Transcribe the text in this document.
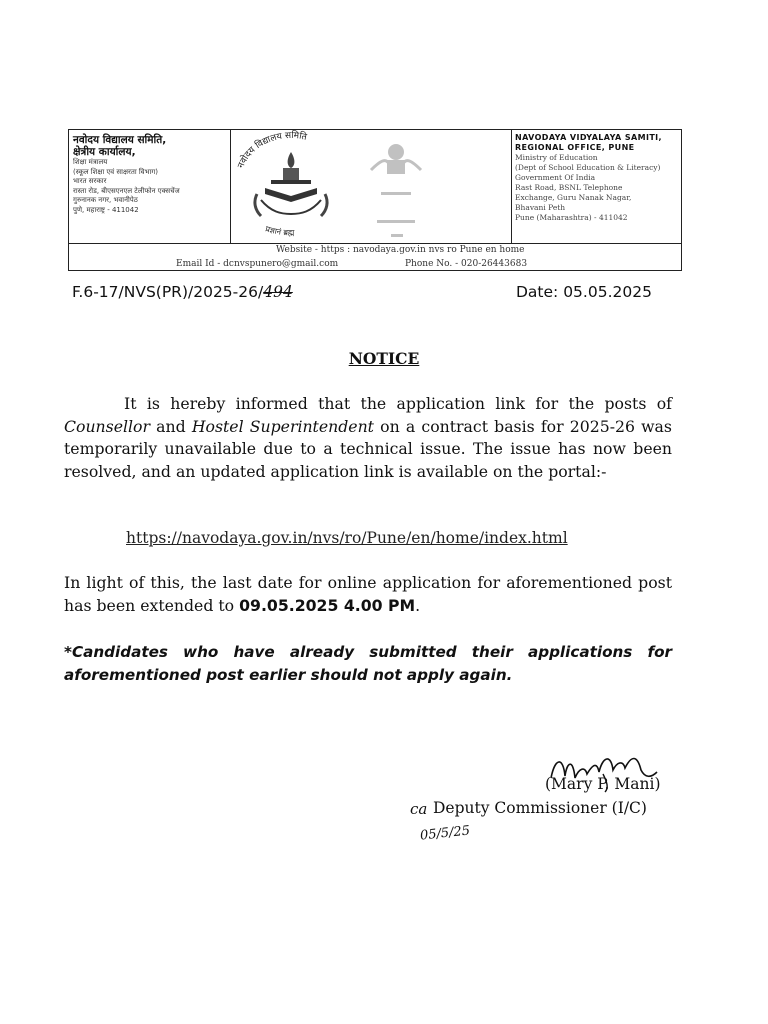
नवोदय विद्यालय समिति,
क्षेत्रीय कार्यालय,
शिक्षा मंत्रालय
(स्कूल शिक्षा एवं साक्षरता विभाग)
भारत सरकार
रास्ता रोड, बीएसएनएल टेलीफोन एक्सचेंज
गुरुनानक नगर, भवानीपेठ
पुणे, महाराष्ट्र - 411042
नवोदय विद्यालय समिति
प्रज्ञानं ब्रह्म
NAVODAYA VIDYALAYA SAMITI,
REGIONAL OFFICE, PUNE
Ministry of Education
(Dept of School Education & Literacy)
Government Of India
Rast Road, BSNL Telephone
Exchange, Guru Nanak Nagar,
Bhavani Peth
Pune (Maharashtra) - 411042
Website - https : navodaya.gov.in nvs ro Pune en home
Email Id - dcnvspunero@gmail.com	Phone No. - 020-26443683
F.6-17/NVS(PR)/2025-26/494	Date: 05.05.2025
NOTICE
It is hereby informed that the application link for the posts of Counsellor and Hostel Superintendent on a contract basis for 2025-26 was temporarily unavailable due to a technical issue. The issue has now been resolved, and an updated application link is available on the portal:-
https://navodaya.gov.in/nvs/ro/Pune/en/home/index.html
In light of this, the last date for online application for aforementioned post has been extended to 09.05.2025 4.00 PM.
*Candidates who have already submitted their applications for aforementioned post earlier should not apply again.
(Mary P. Mani)
ca Deputy Commissioner (I/C)
05/5/25
